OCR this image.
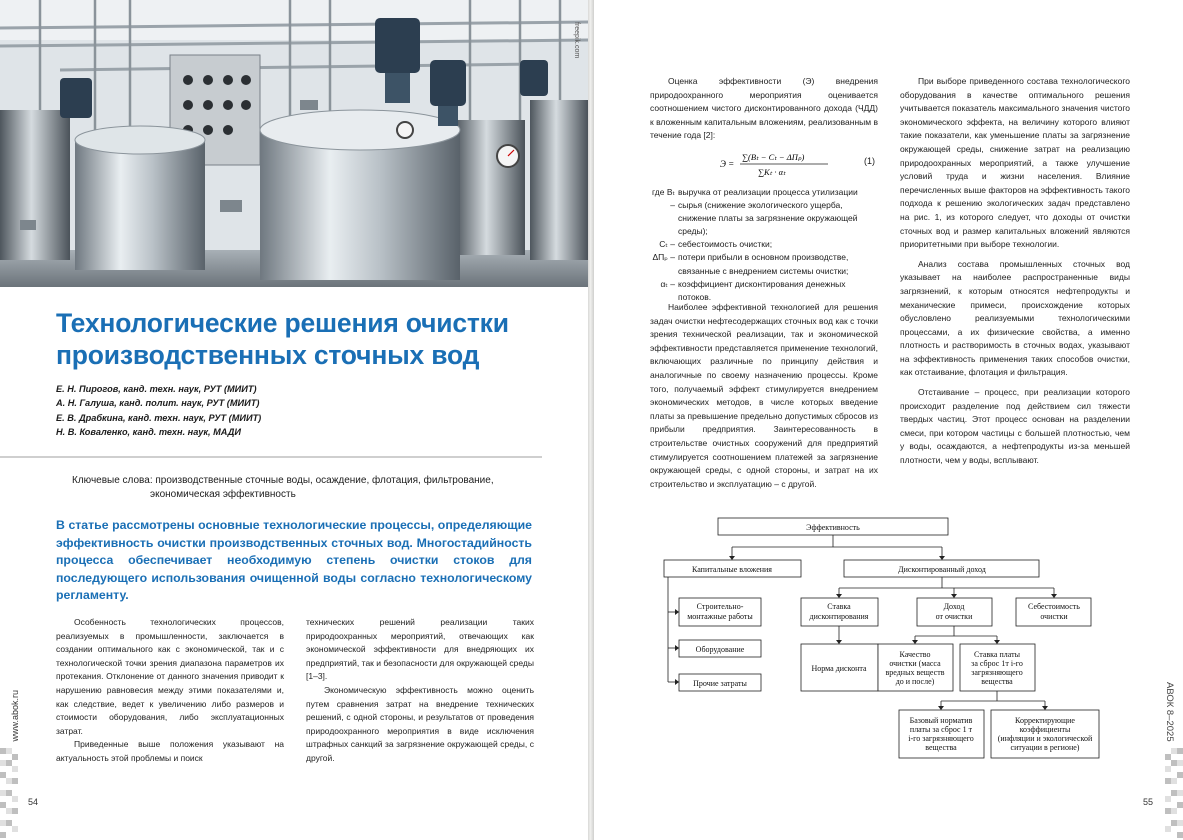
freepik.com
Технологические решения очистки производственных сточных вод
Е. Н. Пирогов, канд. техн. наук, РУТ (МИИТ)
А. Н. Галуша, канд. полит. наук, РУТ (МИИТ)
Е. В. Драбкина, канд. техн. наук, РУТ (МИИТ)
Н. В. Коваленко, канд. техн. наук, МАДИ
Ключевые слова: производственные сточные воды, осаждение, флотация, фильтрование,
экономическая эффективность
В статье рассмотрены основные технологические процессы, определяющие эффективность очистки производственных сточных вод. Многостадийность процесса обеспечивает необходимую степень очистки стоков для последующего использования очищенной воды согласно технологическому регламенту.

Особенность технологических процессов, реализуемых в промышленности, заключается в создании оптимального как с экономической, так и с технологической точки зрения диапазона параметров их протекания. Отклонение от данного значения приводит к нарушению равновесия между этими показателями и, как следствие, ведет к увеличению либо размеров и стоимости оборудования, либо эксплуатационных затрат.

Приведенные выше положения указывают на актуальность этой проблемы и поиск

технических решений реализации таких природоохранных мероприятий, отвечающих как экономической эффективности для внедряющих их предприятий, так и безопасности для окружающей среды [1–3].

Экономическую эффективность можно оценить путем сравнения затрат на внедрение технических решений, с одной стороны, и результатов от проведения природоохранного мероприятия в виде исключения штрафных санкций за загрязнение окружающей среды, с другой.

www.abok.ru
54

Оценка эффективности (Э) внедрения природоохранного мероприятия оценивается соотношением чистого дисконтированного дохода (ЧДД) к вложенным капитальным вложениям, реализованным в течение года [2]:

Э =
∑(Bₜ − Cₜ − ΔПₚ)
∑Kₜ · αₜ
(1)
где Bₜ –
выручка от реализации процесса утилизации сырья (снижение экологического ущерба, снижение платы за загрязнение окружающей среды);
Cₜ – себестоимость очистки;
ΔПₚ – потери прибыли в основном производстве, связанные с внедрением системы очистки;
αₜ – коэффициент дисконтирования денежных потоков.

Наиболее эффективной технологией для решения задач очистки нефтесодержащих сточных вод как с точки зрения технической реализации, так и экономической эффективности представляется применение технологий, включающих различные по принципу действия и аналогичные по своему назначению процессы. Кроме того, получаемый эффект стимулируется внедрением экономических методов, в числе которых введение платы за превышение предельно допустимых сбросов из прибыли предприятия. Заинтересованность в строительстве очистных сооружений для предприятий стимулируется соотношением платежей за загрязнение окружающей среды, с одной стороны, и затрат на их строительство и эксплуатацию – с другой.

При выборе приведенного состава технологического оборудования в качестве оптимального решения учитывается показатель максимального значения чистого экономического эффекта, на величину которого влияют такие показатели, как уменьшение платы за загрязнение окружающей среды, снижение затрат на реализацию природоохранных мероприятий, а также улучшение условий труда и жизни населения. Влияние перечисленных выше факторов на эффективность такого подхода к решению экологических задач представлено на рис. 1, из которого следует, что доходы от очистки сточных вод и размер капитальных вложений являются приоритетными при выборе технологии.

Анализ состава промышленных сточных вод указывает на наиболее распространенные виды загрязнений, к которым относятся нефтепродукты и механические примеси, происхождение которых обусловлено реализуемыми технологическими процессами, а их физические свойства, а именно плотность и растворимость в сточных водах, указывают на эффективность применения таких способов очистки, как отстаивание, флотация и фильтрация.

Отстаивание – процесс, при реализации которого происходит разделение под действием сил тяжести твердых частиц. Этот процесс основан на разделении смеси, при котором частицы с большей плотностью, чем у воды, осаждаются, а нефтепродукты из-за меньшей плотности, чем у воды, всплывают.

Эффективность
Капитальные вложения	Дисконтированный доход
Строительно-
монтажные работы
Оборудование
Прочие затраты
Ставка
дисконтирования
Доход
от очистки
Себестоимость
очистки
Норма дисконта
Качество
очистки (масса
вредных веществ
до и после)
Ставка платы
за сброс 1т i-го
загрязняющего
вещества
Базовый норматив
платы за сброс 1 т
i-го загрязняющего
вещества
Корректирующие
коэффициенты
(инфляции и экологической
ситуации в регионе)
АВОК 8–2025
55
